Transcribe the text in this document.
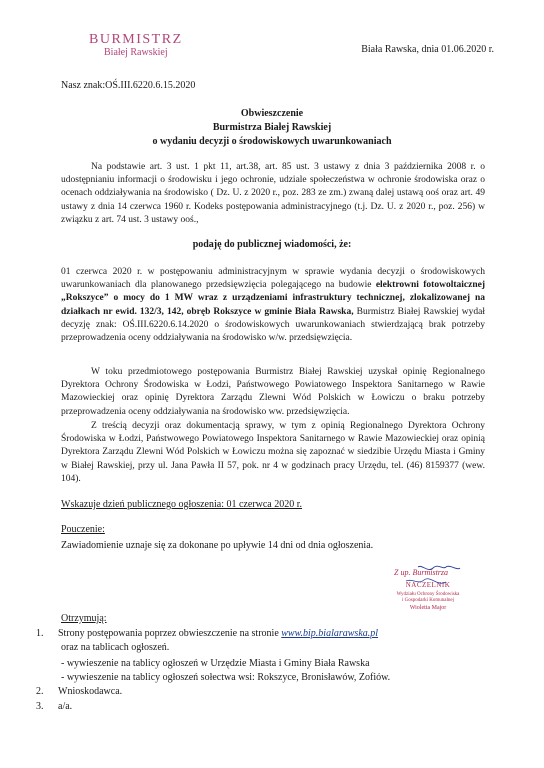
BURMISTRZ
Białej Rawskiej	Biała Rawska, dnia 01.06.2020 r.
Nasz znak:OŚ.III.6220.6.15.2020
Obwieszczenie
Burmistrza Białej Rawskiej
o wydaniu decyzji o środowiskowych uwarunkowaniach
Na podstawie art. 3 ust. 1 pkt 11, art.38, art. 85 ust. 3 ustawy z dnia 3 października 2008 r. o udostępnianiu informacji o środowisku i jego ochronie, udziale społeczeństwa w ochronie środowiska oraz o ocenach oddziaływania na środowisko ( Dz. U. z 2020 r., poz. 283 ze zm.) zwaną dalej ustawą ooś oraz art. 49 ustawy z dnia 14 czerwca 1960 r. Kodeks postępowania administracyjnego (t.j. Dz. U. z 2020 r., poz. 256) w związku z art. 74 ust. 3 ustawy ooś.,
podaję do publicznej wiadomości, że:
01 czerwca 2020 r. w postępowaniu administracyjnym w sprawie wydania decyzji o środowiskowych uwarunkowaniach dla planowanego przedsięwzięcia polegającego na budowie elektrowni fotowoltaicznej „Rokszyce” o mocy do 1 MW wraz z urządzeniami infrastruktury technicznej, zlokalizowanej na działkach nr ewid. 132/3, 142, obręb Rokszyce w gminie Biała Rawska, Burmistrz Białej Rawskiej wydał decyzję znak: OŚ.III.6220.6.14.2020 o środowiskowych uwarunkowaniach stwierdzającą brak potrzeby przeprowadzenia oceny oddziaływania na środowisko w/w. przedsięwzięcia.
W toku przedmiotowego postępowania Burmistrz Białej Rawskiej uzyskał opinię Regionalnego Dyrektora Ochrony Środowiska w Łodzi, Państwowego Powiatowego Inspektora Sanitarnego w Rawie Mazowieckiej oraz opinię Dyrektora Zarządu Zlewni Wód Polskich w Łowiczu o braku potrzeby przeprowadzenia oceny oddziaływania na środowisko ww. przedsięwzięcia.
Z treścią decyzji oraz dokumentacją sprawy, w tym z opinią Regionalnego Dyrektora Ochrony Środowiska w Łodzi, Państwowego Powiatowego Inspektora Sanitarnego w Rawie Mazowieckiej oraz opinią Dyrektora Zarządu Zlewni Wód Polskich w Łowiczu można się zapoznać w siedzibie Urzędu Miasta i Gminy w Białej Rawskiej, przy ul. Jana Pawła II 57, pok. nr 4 w godzinach pracy Urzędu, tel. (46) 8159377 (wew. 104).
Wskazuje dzień publicznego ogłoszenia: 01 czerwca 2020 r.
Pouczenie:
Zawiadomienie uznaje się za dokonane po upływie 14 dni od dnia ogłoszenia.
Z up. Burmistrza
NACZELNIK
Wydziału Ochrony Środowiska
i Gospodarki Komunalnej
Wioletta Major
Otrzymują:
1. Strony postępowania poprzez obwieszczenie na stronie www.bip.bialarawska.pl
oraz na tablicach ogłoszeń.
- wywieszenie na tablicy ogłoszeń w Urzędzie Miasta i Gminy Biała Rawska
- wywieszenie na tablicy ogłoszeń sołectwa wsi: Rokszyce, Bronisławów, Zofiów.
2. Wnioskodawca.
3. a/a.
